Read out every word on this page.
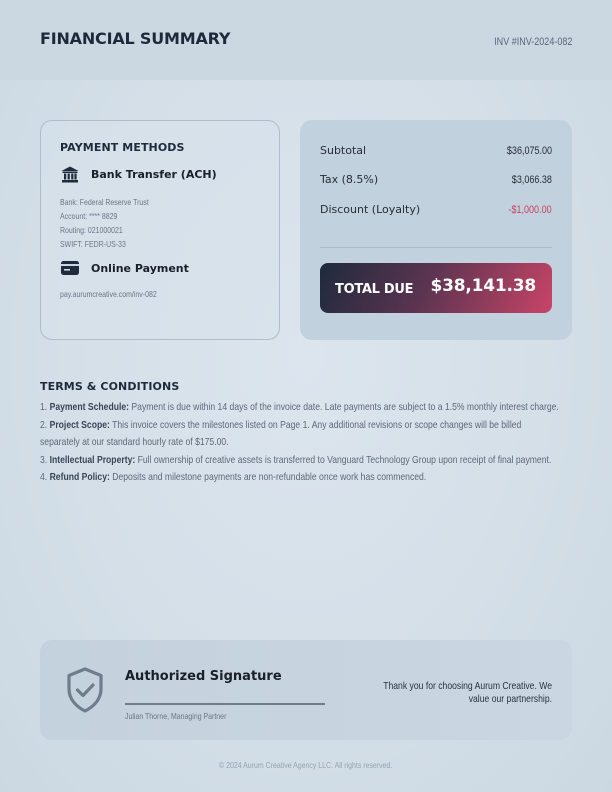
FINANCIAL SUMMARY	INV #INV-2024-082
PAYMENT METHODS
Bank Transfer (ACH)
Bank: Federal Reserve Trust
Account: **** 8829
Routing: 021000021
SWIFT: FEDR-US-33
Online Payment
pay.aurumcreative.com/inv-082
Subtotal	$36,075.00
Tax (8.5%)	$3,066.38
Discount (Loyalty)	-$1,000.00
TOTAL DUE $38,141.38
TERMS & CONDITIONS
1. Payment Schedule: Payment is due within 14 days of the invoice date. Late payments are subject to a 1.5% monthly interest charge.
2. Project Scope: This invoice covers the milestones listed on Page 1. Any additional revisions or scope changes will be billed separately at our standard hourly rate of $175.00.
3. Intellectual Property: Full ownership of creative assets is transferred to Vanguard Technology Group upon receipt of final payment.
4. Refund Policy: Deposits and milestone payments are non-refundable once work has commenced.
Authorized Signature
Julian Thorne, Managing Partner
Thank you for choosing Aurum Creative. We value our partnership.
© 2024 Aurum Creative Agency LLC. All rights reserved.
